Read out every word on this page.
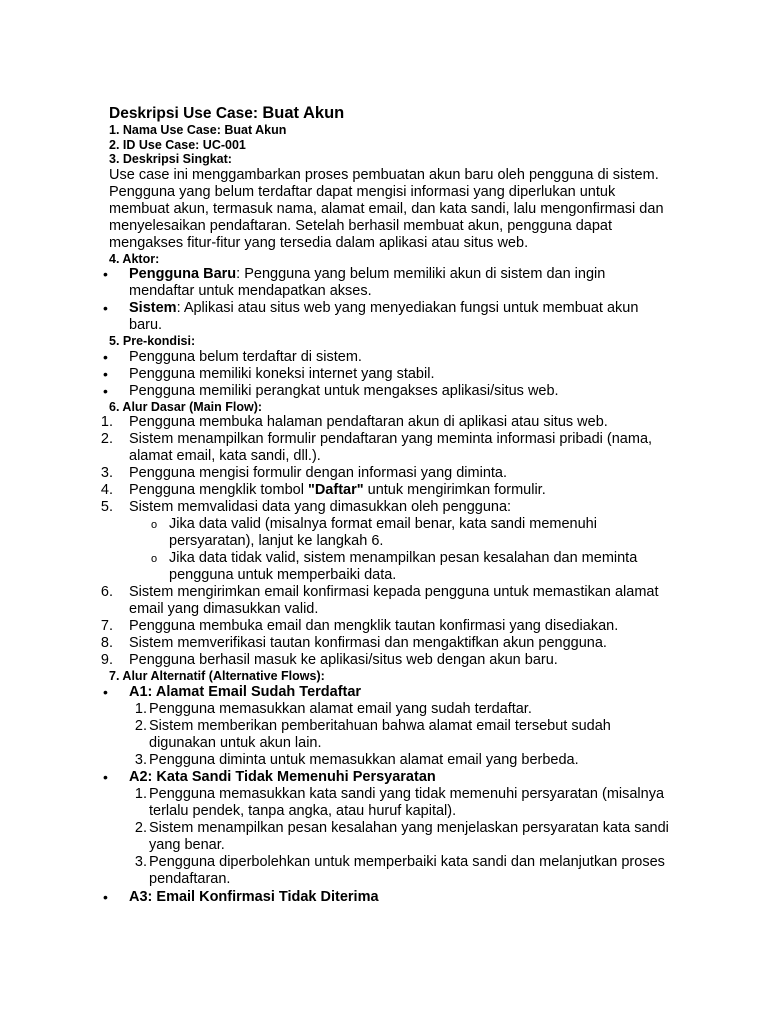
Deskripsi Use Case: Buat Akun

1. Nama Use Case: Buat Akun

2. ID Use Case: UC-001

3. Deskripsi Singkat:

Use case ini menggambarkan proses pembuatan akun baru oleh pengguna di sistem. Pengguna yang belum terdaftar dapat mengisi informasi yang diperlukan untuk membuat akun, termasuk nama, alamat email, dan kata sandi, lalu mengonfirmasi dan menyelesaikan pendaftaran. Setelah berhasil membuat akun, pengguna dapat mengakses fitur-fitur yang tersedia dalam aplikasi atau situs web.

4. Aktor:

•	Pengguna Baru: Pengguna yang belum memiliki akun di sistem dan ingin mendaftar untuk mendapatkan akses.
•	Sistem: Aplikasi atau situs web yang menyediakan fungsi untuk membuat akun baru.

5. Pre-kondisi:

•	Pengguna belum terdaftar di sistem.
•	Pengguna memiliki koneksi internet yang stabil.
•	Pengguna memiliki perangkat untuk mengakses aplikasi/situs web.

6. Alur Dasar (Main Flow):

1.	Pengguna membuka halaman pendaftaran akun di aplikasi atau situs web.
2.	Sistem menampilkan formulir pendaftaran yang meminta informasi pribadi (nama, alamat email, kata sandi, dll.).
3.	Pengguna mengisi formulir dengan informasi yang diminta.
4.	Pengguna mengklik tombol "Daftar" untuk mengirimkan formulir.
5.	Sistem memvalidasi data yang dimasukkan oleh pengguna:
o Jika data valid (misalnya format email benar, kata sandi memenuhi persyaratan), lanjut ke langkah 6.
o Jika data tidak valid, sistem menampilkan pesan kesalahan dan meminta pengguna untuk memperbaiki data.
6.	Sistem mengirimkan email konfirmasi kepada pengguna untuk memastikan alamat email yang dimasukkan valid.
7.	Pengguna membuka email dan mengklik tautan konfirmasi yang disediakan.
8.	Sistem memverifikasi tautan konfirmasi dan mengaktifkan akun pengguna.
9.	Pengguna berhasil masuk ke aplikasi/situs web dengan akun baru.

7. Alur Alternatif (Alternative Flows):

•	A1: Alamat Email Sudah Terdaftar
1. Pengguna memasukkan alamat email yang sudah terdaftar.
2. Sistem memberikan pemberitahuan bahwa alamat email tersebut sudah digunakan untuk akun lain.
3. Pengguna diminta untuk memasukkan alamat email yang berbeda.
•	A2: Kata Sandi Tidak Memenuhi Persyaratan
1. Pengguna memasukkan kata sandi yang tidak memenuhi persyaratan (misalnya terlalu pendek, tanpa angka, atau huruf kapital).
2. Sistem menampilkan pesan kesalahan yang menjelaskan persyaratan kata sandi yang benar.
3. Pengguna diperbolehkan untuk memperbaiki kata sandi dan melanjutkan proses pendaftaran.
•	A3: Email Konfirmasi Tidak Diterima
